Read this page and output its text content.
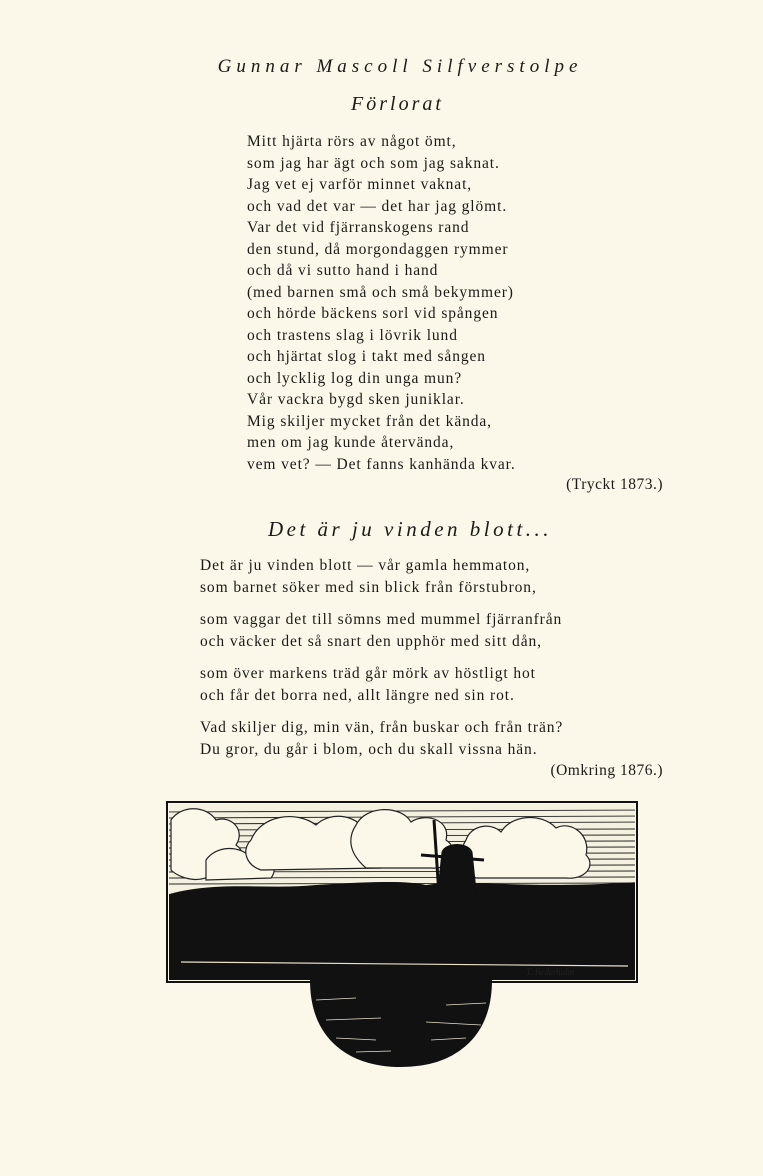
Gunnar Mascoll Silfverstolpe
Förlorat
Mitt hjärta rörs av något ömt,
som jag har ägt och som jag saknat.
Jag vet ej varför minnet vaknat,
och vad det var — det har jag glömt.
Var det vid fjärranskogens rand
den stund, då morgondaggen rymmer
och då vi sutto hand i hand
(med barnen små och små bekymmer)
och hörde bäckens sorl vid spången
och trastens slag i lövrik lund
och hjärtat slog i takt med sången
och lycklig log din unga mun?
Vår vackra bygd sken juniklar.
Mig skiljer mycket från det kända,
men om jag kunde återvända,
vem vet? — Det fanns kanhända kvar.
(Tryckt 1873.)
Det är ju vinden blott...
Det är ju vinden blott — vår gamla hemmaton,
som barnet söker med sin blick från förstubron,
som vaggar det till sömns med mummel fjärranfrån
och väcker det så snart den upphör med sitt dån,
som över markens träd går mörk av höstligt hot
och får det borra ned, allt längre ned sin rot.
Vad skiljer dig, min vän, från buskar och från trän?
Du gror, du går i blom, och du skall vissna hän.
(Omkring 1876.)
T. Bederholm
